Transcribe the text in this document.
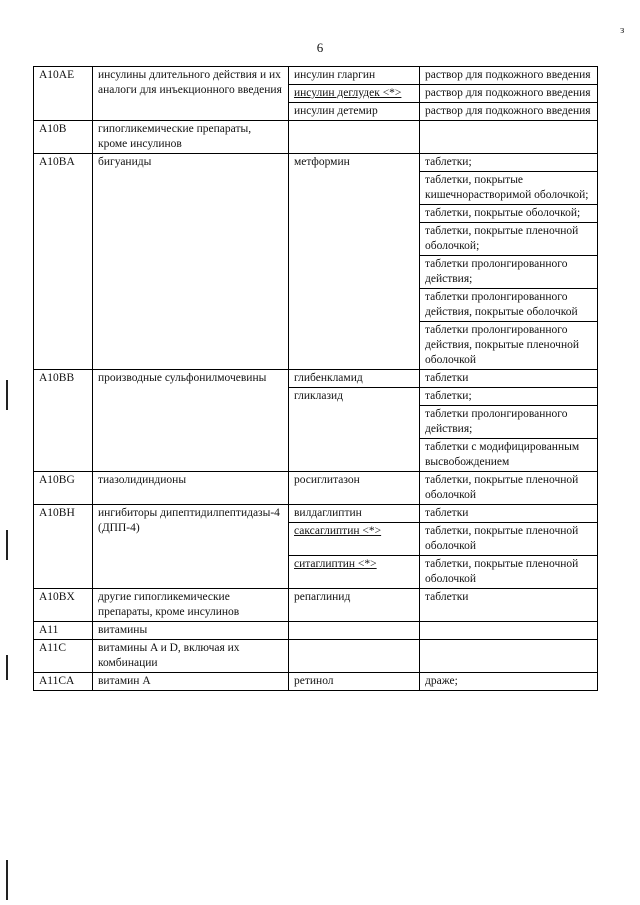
6
з
A10AE	инсулины длительного действия и их аналоги для инъекционного введения	инсулин гларгин	раствор для подкожного введения
		инсулин деглудек <*>	раствор для подкожного введения
		инсулин детемир	раствор для подкожного введения
A10B	гипогликемические препараты, кроме инсулинов		
A10BA	бигуаниды	метформин	таблетки;
			таблетки, покрытые кишечнорастворимой оболочкой;
			таблетки, покрытые оболочкой;
			таблетки, покрытые пленочной оболочкой;
			таблетки пролонгированного действия;
			таблетки пролонгированного действия, покрытые оболочкой
			таблетки пролонгированного действия, покрытые пленочной оболочкой
A10BB	производные сульфонилмочевины	глибенкламид	таблетки
		гликлазид	таблетки;
			таблетки пролонгированного действия;
			таблетки с модифицированным высвобождением
A10BG	тиазолидиндионы	росиглитазон	таблетки, покрытые пленочной оболочкой
A10BH	ингибиторы дипептидилпептидазы-4 (ДПП-4)	вилдаглиптин	таблетки
		саксаглиптин <*>	таблетки, покрытые пленочной оболочкой
		ситаглиптин <*>	таблетки, покрытые пленочной оболочкой
A10BX	другие гипогликемические препараты, кроме инсулинов	репаглинид	таблетки
A11	витамины		
A11C	витамины A и D, включая их комбинации		
A11CA	витамин A	ретинол	драже;
